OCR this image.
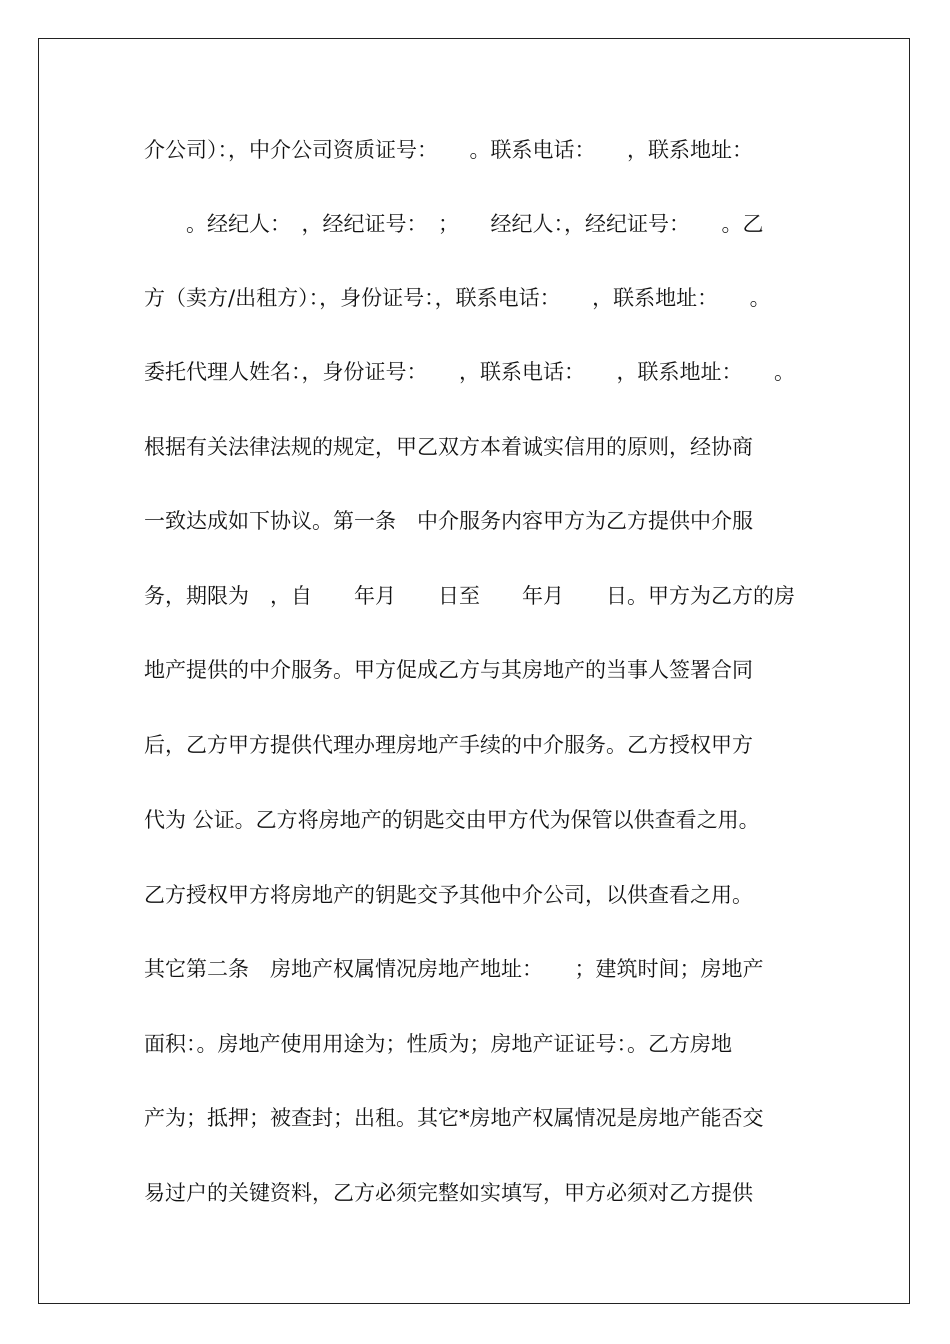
介公司）：，中介公司资质证号：　　。联系电话：　　，联系地址：
　　。经纪人：　，经纪证号：　；　　经纪人：，经纪证号：　　。乙
方（卖方/出租方）：，身份证号：，联系电话：　　，联系地址：　　。
委托代理人姓名：，身份证号：　　，联系电话：　　，联系地址：　　。
根据有关法律法规的规定，甲乙双方本着诚实信用的原则，经协商
一致达成如下协议。第一条　中介服务内容甲方为乙方提供中介服
务，期限为　，自　　年月　　日至　　年月　　日。甲方为乙方的房
地产提供的中介服务。甲方促成乙方与其房地产的当事人签署合同
后，乙方甲方提供代理办理房地产手续的中介服务。乙方授权甲方
代为 公证。乙方将房地产的钥匙交由甲方代为保管以供查看之用。
乙方授权甲方将房地产的钥匙交予其他中介公司，以供查看之用。
其它第二条　房地产权属情况房地产地址：　　；建筑时间；房地产
面积：。房地产使用用途为；性质为；房地产证证号：。乙方房地
产为；抵押；被查封；出租。其它*房地产权属情况是房地产能否交
易过户的关键资料，乙方必须完整如实填写，甲方必须对乙方提供
